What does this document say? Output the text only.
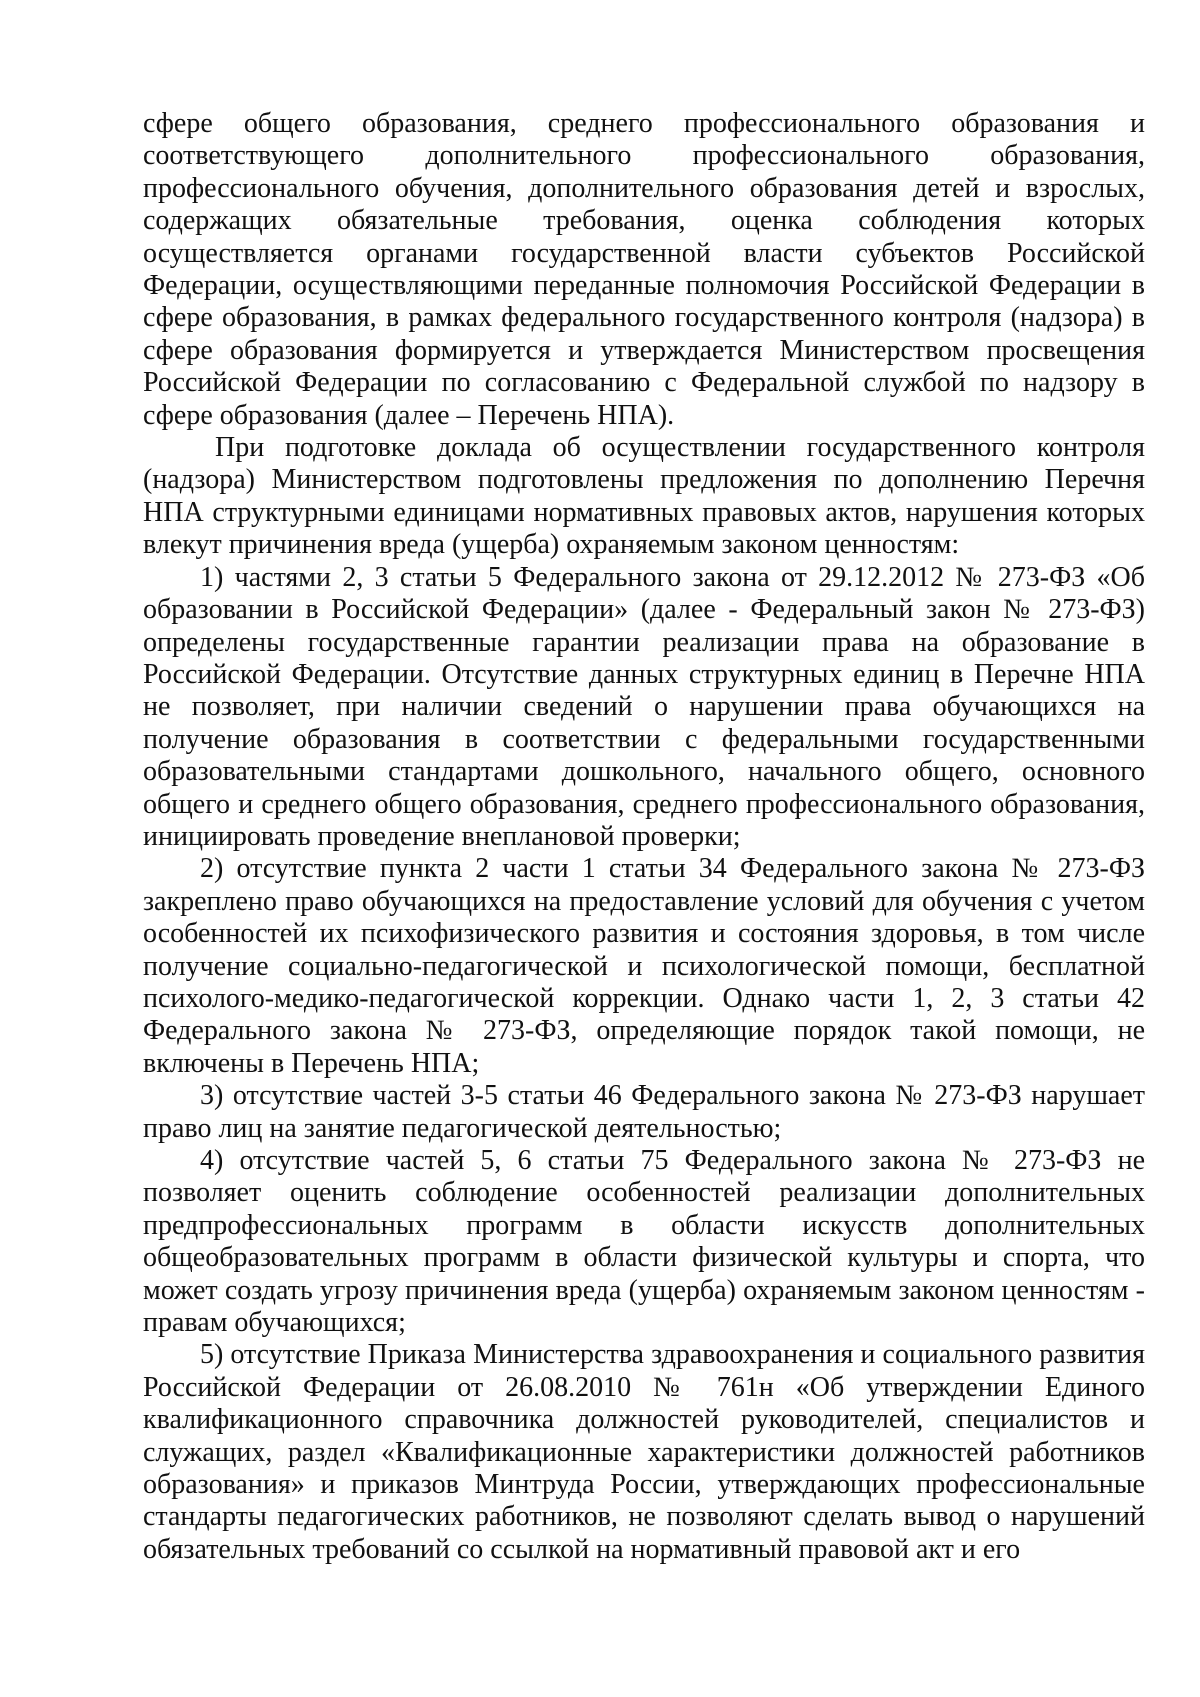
сфере общего образования, среднего профессионального образования и соответствующего дополнительного профессионального образования, профессионального обучения, дополнительного образования детей и взрослых, содержащих обязательные требования, оценка соблюдения которых осуществляется органами государственной власти субъектов Российской Федерации, осуществляющими переданные полномочия Российской Федерации в сфере образования, в рамках федерального государственного контроля (надзора) в сфере образования формируется и утверждается Министерством просвещения Российской Федерации по согласованию с Федеральной службой по надзору в сфере образования (далее – Перечень НПА).

При подготовке доклада об осуществлении государственного контроля (надзора) Министерством подготовлены предложения по дополнению Перечня НПА структурными единицами нормативных правовых актов, нарушения которых влекут причинения вреда (ущерба) охраняемым законом ценностям:

1) частями 2, 3 статьи 5 Федерального закона от 29.12.2012 № 273-ФЗ «Об образовании в Российской Федерации» (далее - Федеральный закон № 273-ФЗ) определены государственные гарантии реализации права на образование в Российской Федерации. Отсутствие данных структурных единиц в Перечне НПА не позволяет, при наличии сведений о нарушении права обучающихся на получение образования в соответствии с федеральными государственными образовательными стандартами дошкольного, начального общего, основного общего и среднего общего образования, среднего профессионального образования, инициировать проведение внеплановой проверки;

2) отсутствие пункта 2 части 1 статьи 34 Федерального закона № 273-ФЗ закреплено право обучающихся на предоставление условий для обучения с учетом особенностей их психофизического развития и состояния здоровья, в том числе получение социально-педагогической и психологической помощи, бесплатной психолого-медико-педагогической коррекции. Однако части 1, 2, 3 статьи 42 Федерального закона № 273-ФЗ, определяющие порядок такой помощи, не включены в Перечень НПА;

3) отсутствие частей 3-5 статьи 46 Федерального закона № 273-ФЗ нарушает право лиц на занятие педагогической деятельностью;

4) отсутствие частей 5, 6 статьи 75 Федерального закона № 273-ФЗ не позволяет оценить соблюдение особенностей реализации дополнительных предпрофессиональных программ в области искусств дополнительных общеобразовательных программ в области физической культуры и спорта, что может создать угрозу причинения вреда (ущерба) охраняемым законом ценностям - правам обучающихся;

5) отсутствие Приказа Министерства здравоохранения и социального развития Российской Федерации от 26.08.2010 № 761н «Об утверждении Единого квалификационного справочника должностей руководителей, специалистов и служащих, раздел «Квалификационные характеристики должностей работников образования» и приказов Минтруда России, утверждающих профессиональные стандарты педагогических работников, не позволяют сделать вывод о нарушений обязательных требований со ссылкой на нормативный правовой акт и его
